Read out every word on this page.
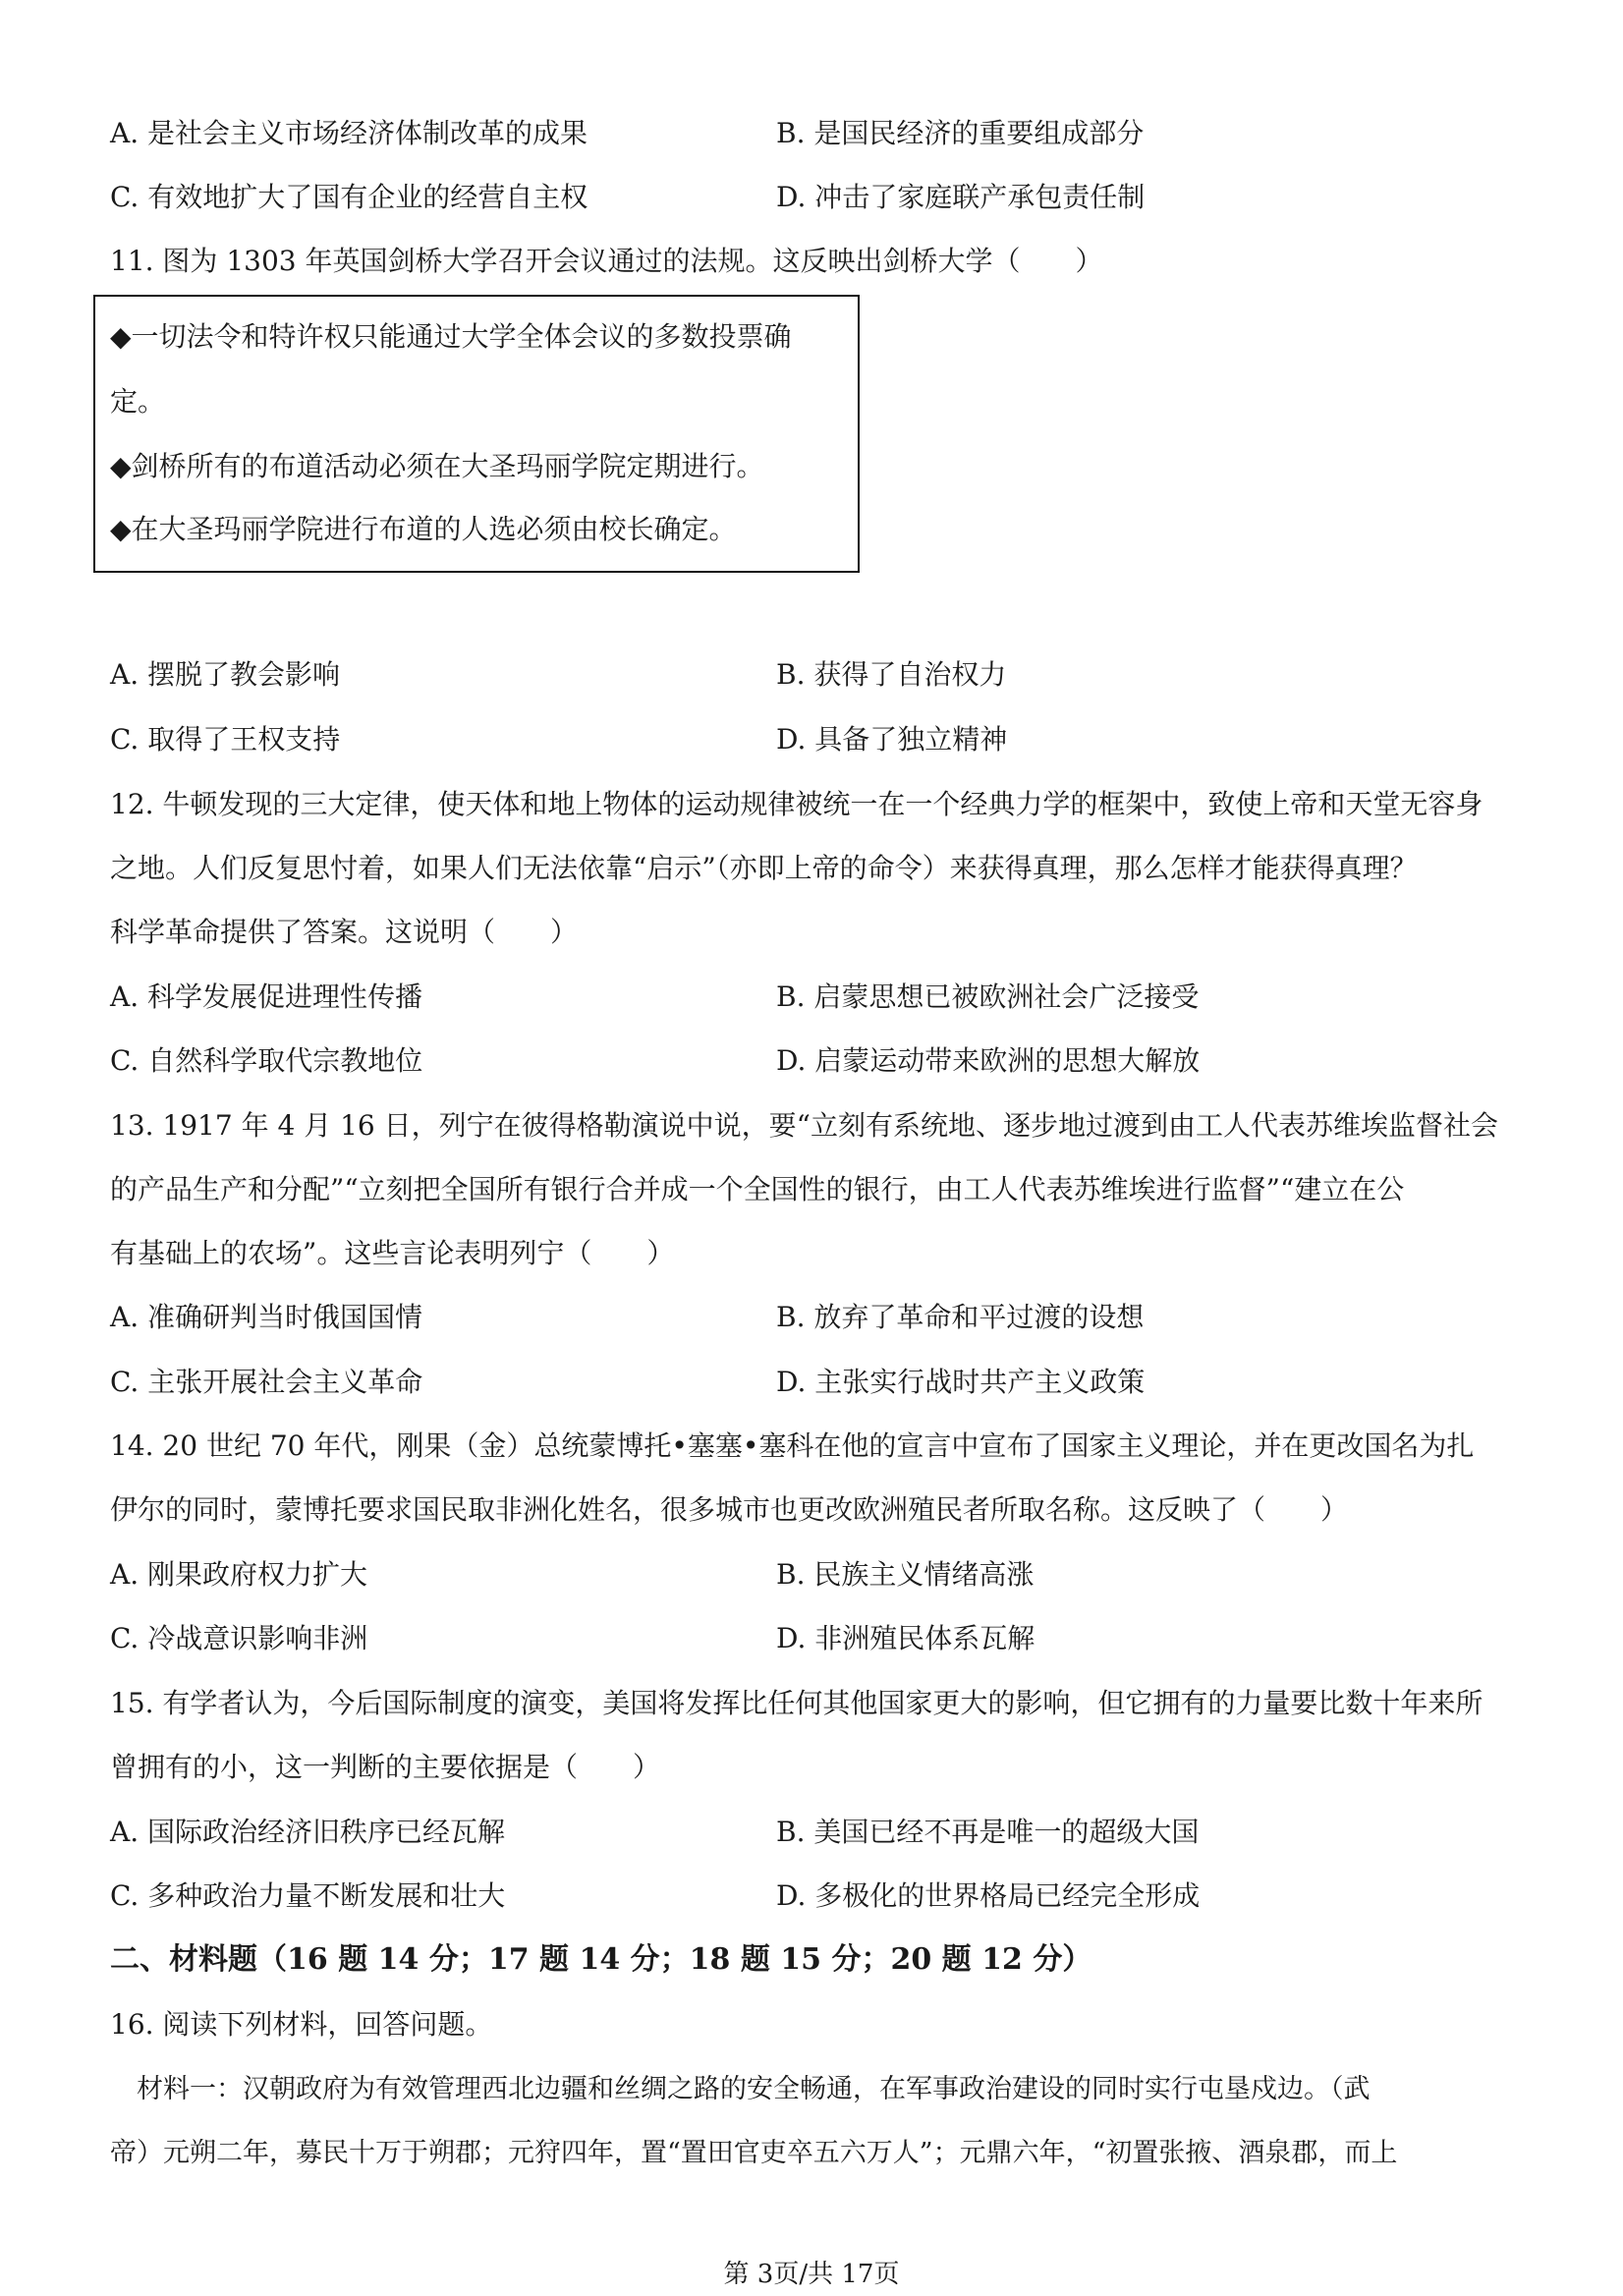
A. 是社会主义市场经济体制改革的成果	B. 是国民经济的重要组成部分
C. 有效地扩大了国有企业的经营自主权	D. 冲击了家庭联产承包责任制
11. 图为 1303 年英国剑桥大学召开会议通过的法规。这反映出剑桥大学（　　）
◆一切法令和特许权只能通过大学全体会议的多数投票确
定。
◆剑桥所有的布道活动必须在大圣玛丽学院定期进行。
◆在大圣玛丽学院进行布道的人选必须由校长确定。
A. 摆脱了教会影响	B. 获得了自治权力
C. 取得了王权支持	D. 具备了独立精神
12. 牛顿发现的三大定律，使天体和地上物体的运动规律被统一在一个经典力学的框架中，致使上帝和天堂无容身
之地。人们反复思忖着，如果人们无法依靠“启示”（亦即上帝的命令）来获得真理，那么怎样才能获得真理？
科学革命提供了答案。这说明（　　）
A. 科学发展促进理性传播	B. 启蒙思想已被欧洲社会广泛接受
C. 自然科学取代宗教地位	D. 启蒙运动带来欧洲的思想大解放
13. 1917 年 4 月 16 日，列宁在彼得格勒演说中说，要“立刻有系统地、逐步地过渡到由工人代表苏维埃监督社会
的产品生产和分配”“立刻把全国所有银行合并成一个全国性的银行，由工人代表苏维埃进行监督”“建立在公
有基础上的农场”。这些言论表明列宁（　　）
A. 准确研判当时俄国国情	B. 放弃了革命和平过渡的设想
C. 主张开展社会主义革命	D. 主张实行战时共产主义政策
14. 20 世纪 70 年代，刚果（金）总统蒙博托•塞塞•塞科在他的宣言中宣布了国家主义理论，并在更改国名为扎
伊尔的同时，蒙博托要求国民取非洲化姓名，很多城市也更改欧洲殖民者所取名称。这反映了（　　）
A. 刚果政府权力扩大	B. 民族主义情绪高涨
C. 冷战意识影响非洲	D. 非洲殖民体系瓦解
15. 有学者认为，今后国际制度的演变，美国将发挥比任何其他国家更大的影响，但它拥有的力量要比数十年来所
曾拥有的小，这一判断的主要依据是（　　）
A. 国际政治经济旧秩序已经瓦解	B. 美国已经不再是唯一的超级大国
C. 多种政治力量不断发展和壮大	D. 多极化的世界格局已经完全形成
二、材料题（16 题 14 分；17 题 14 分；18 题 15 分；20 题 12 分）
16. 阅读下列材料，回答问题。
　材料一：汉朝政府为有效管理西北边疆和丝绸之路的安全畅通，在军事政治建设的同时实行屯垦戍边。（武
帝）元朔二年，募民十万于朔郡；元狩四年，置“置田官吏卒五六万人”；元鼎六年，“初置张掖、酒泉郡，而上
第 3页/共 17页
